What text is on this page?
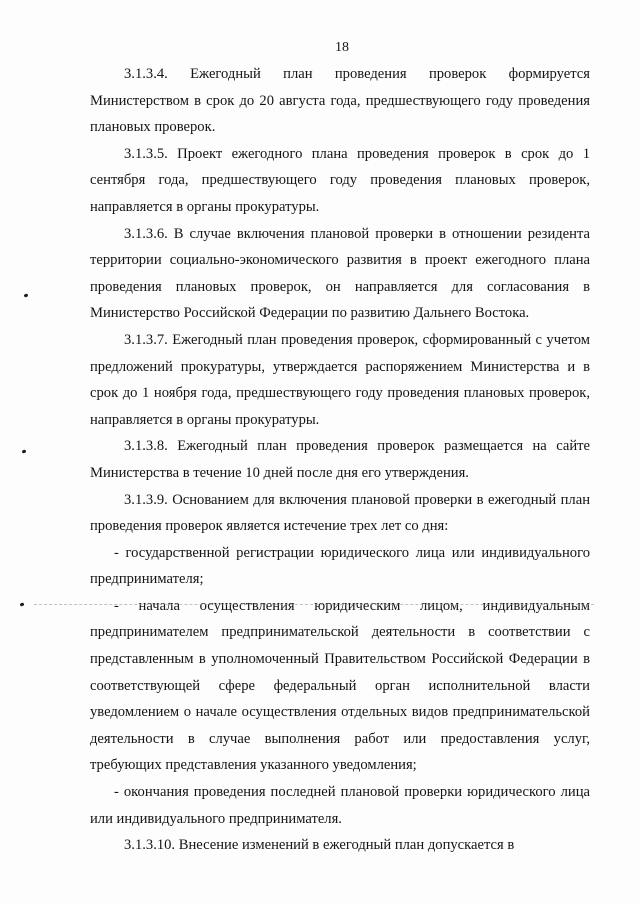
18

3.1.3.4. Ежегодный план проведения проверок формируется Министерством в срок до 20 августа года, предшествующего году проведения плановых проверок.

3.1.3.5. Проект ежегодного плана проведения проверок в срок до 1 сентября года, предшествующего году проведения плановых проверок, направляется в органы прокуратуры.

3.1.3.6. В случае включения плановой проверки в отношении резидента территории социально-экономического развития в проект ежегодного плана проведения плановых проверок, он направляется для согласования в Министерство Российской Федерации по развитию Дальнего Востока.

3.1.3.7. Ежегодный план проведения проверок, сформированный с учетом предложений прокуратуры, утверждается распоряжением Министерства и в срок до 1 ноября года, предшествующего году проведения плановых проверок, направляется в органы прокуратуры.

3.1.3.8. Ежегодный план проведения проверок размещается на сайте Министерства в течение 10 дней после дня его утверждения.

3.1.3.9. Основанием для включения плановой проверки в ежегодный план проведения проверок является истечение трех лет со дня:

- государственной регистрации юридического лица или индивидуального предпринимателя;

- начала осуществления юридическим лицом, индивидуальным предпринимателем предпринимательской деятельности в соответствии с представленным в уполномоченный Правительством Российской Федерации в соответствующей сфере федеральный орган исполнительной власти уведомлением о начале осуществления отдельных видов предпринимательской деятельности в случае выполнения работ или предоставления услуг, требующих представления указанного уведомления;

- окончания проведения последней плановой проверки юридического лица или индивидуального предпринимателя.

3.1.3.10. Внесение изменений в ежегодный план допускается в
